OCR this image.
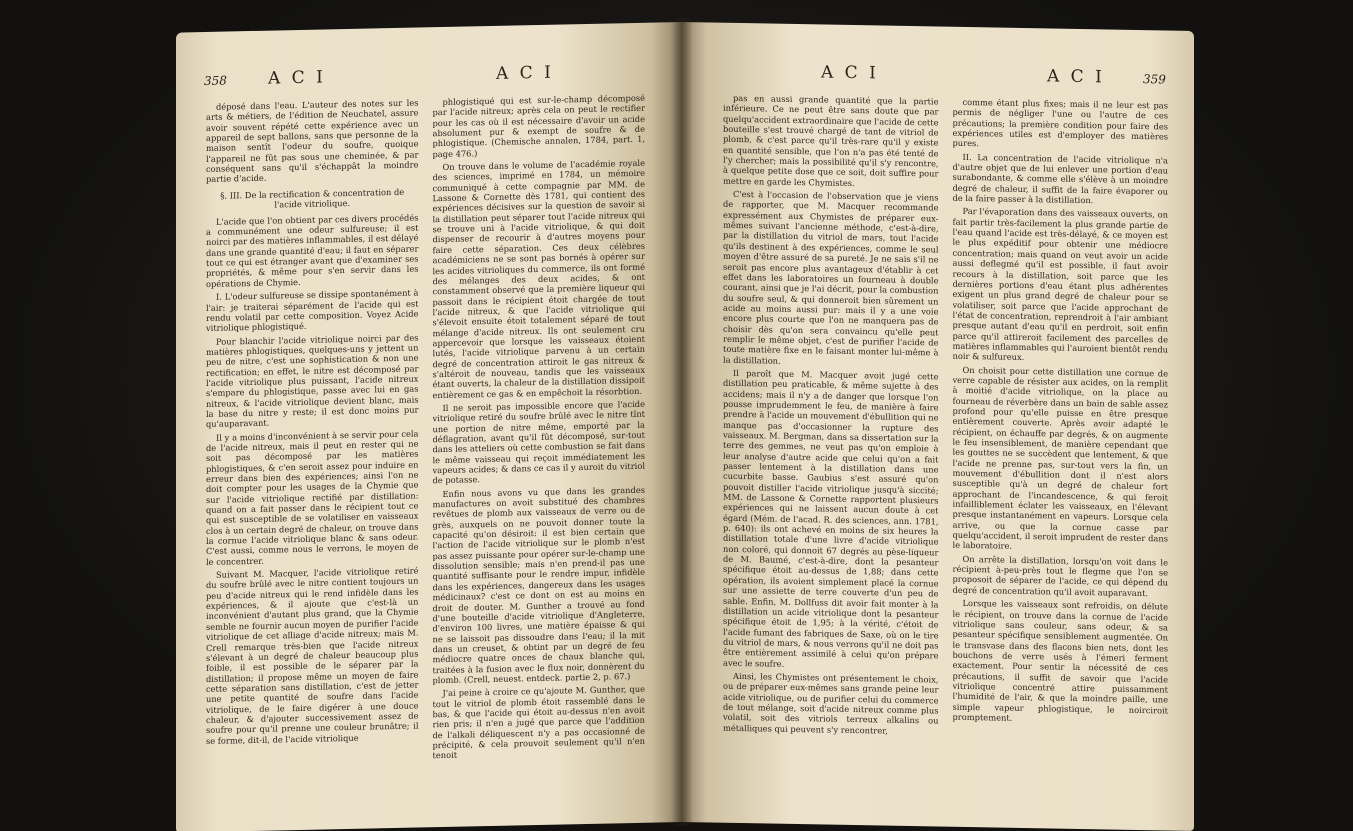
358 A C I	A C I

déposé dans l'eau. L'auteur des notes sur les arts & métiers, de l'édition de Neuchatel, assure avoir souvent répété cette expérience avec un appareil de sept ballons, sans que personne de la maison sentît l'odeur du soufre, quoique l'appareil ne fût pas sous une cheminée, & par conséquent sans qu'il s'échappât la moindre partie d'acide.

§. III. De la rectification & concentration de l'acide vitriolique.

L'acide que l'on obtient par ces divers procédés a communément une odeur sulfureuse; il est noirci par des matières inflammables, il est délayé dans une grande quantité d'eau; il faut en séparer tout ce qui est étranger avant que d'examiner ses propriétés, & même pour s'en servir dans les opérations de Chymie.

I. L'odeur sulfureuse se dissipe spontanément à l'air: je traiterai séparément de l'acide qui est rendu volatil par cette composition. Voyez Acide vitriolique phlogistiqué.

Pour blanchir l'acide vitriolique noirci par des matières phlogistiques, quelques-uns y jettent un peu de nitre, c'est une sophistication & non une rectification; en effet, le nitre est décomposé par l'acide vitriolique plus puissant, l'acide nitreux s'empare du phlogistique, passe avec lui en gas nitreux, & l'acide vitriolique devient blanc, mais la base du nitre y reste; il est donc moins pur qu'auparavant.

Il y a moins d'inconvénient à se servir pour cela de l'acide nitreux, mais il peut en rester qui ne soit pas décomposé par les matières phlogistiques, & c'en seroit assez pour induire en erreur dans bien des expériences; ainsi l'on ne doit compter pour les usages de la Chymie que sur l'acide vitriolique rectifié par distillation: quand on a fait passer dans le récipient tout ce qui est susceptible de se volatiliser en vaisseaux clos à un certain degré de chaleur, on trouve dans la cornue l'acide vitriolique blanc & sans odeur. C'est aussi, comme nous le verrons, le moyen de le concentrer.

Suivant M. Macquer, l'acide vitriolique retiré du soufre brûlé avec le nitre contient toujours un peu d'acide nitreux qui le rend infidèle dans les expériences, & il ajoute que c'est-là un inconvénient d'autant plus grand, que la Chymie semble ne fournir aucun moyen de purifier l'acide vitriolique de cet alliage d'acide nitreux; mais M. Crell remarque très-bien que l'acide nitreux s'élevant à un degré de chaleur beaucoup plus foible, il est possible de le séparer par la distillation; il propose même un moyen de faire cette séparation sans distillation, c'est de jetter une petite quantité de soufre dans l'acide vitriolique, de le faire digérer à une douce chaleur, & d'ajouter successivement assez de soufre pour qu'il prenne une couleur brunâtre; il se forme, dit-il, de l'acide vitriolique

phlogistiqué qui est sur-le-champ décomposé par l'acide nitreux; après cela on peut le rectifier pour les cas où il est nécessaire d'avoir un acide absolument pur & exempt de soufre & de phlogistique. (Chemische annalen, 1784, part. 1, page 476.)

On trouve dans le volume de l'académie royale des sciences, imprimé en 1784, un mémoire communiqué à cette compagnie par MM. de Lassone & Cornette dès 1781, qui contient des expériences décisives sur la question de savoir si la distillation peut séparer tout l'acide nitreux qui se trouve uni à l'acide vitriolique, & qui doit dispenser de recourir à d'autres moyens pour faire cette séparation. Ces deux célèbres académiciens ne se sont pas bornés à opérer sur les acides vitrioliques du commerce, ils ont formé des mélanges des deux acides, & ont constamment observé que la première liqueur qui passoit dans le récipient étoit chargée de tout l'acide nitreux, & que l'acide vitriolique qui s'élevoit ensuite étoit totalement séparé de tout mélange d'acide nitreux. Ils ont seulement cru appercevoir que lorsque les vaisseaux étoient lutés, l'acide vitriolique parvenu à un certain degré de concentration attiroit le gas nitreux & s'altéroit de nouveau, tandis que les vaisseaux étant ouverts, la chaleur de la distillation dissipoit entièrement ce gas & en empêchoit la résorbtion.

Il ne seroit pas impossible encore que l'acide vitriolique retiré du soufre brûlé avec le nitre tînt une portion de nitre même, emporté par la déflagration, avant qu'il fût décomposé, sur-tout dans les atteliers où cette combustion se fait dans le même vaisseau qui reçoit immédiatement les vapeurs acides; & dans ce cas il y auroit du vitriol de potasse.

Enfin nous avons vu que dans les grandes manufactures on avoit substitué des chambres revêtues de plomb aux vaisseaux de verre ou de grès, auxquels on ne pouvoit donner toute la capacité qu'on désiroit: il est bien certain que l'action de l'acide vitriolique sur le plomb n'est pas assez puissante pour opérer sur-le-champ une dissolution sensible; mais n'en prend-il pas une quantité suffisante pour le rendre impur, infidèle dans les expériences, dangereux dans les usages médicinaux? c'est ce dont on est au moins en droit de douter. M. Gunther a trouvé au fond d'une bouteille d'acide vitriolique d'Angleterre, d'environ 100 livres, une matière épaisse & qui ne se laissoit pas dissoudre dans l'eau; il la mit dans un creuset, & obtint par un degré de feu médiocre quatre onces de chaux blanche qui, traitées à la fusion avec le flux noir, donnèrent du plomb. (Crell, neuest. entdeck. partie 2, p. 67.)

J'ai peine à croire ce qu'ajoute M. Gunther, que tout le vitriol de plomb étoit rassemblé dans le bas, & que l'acide qui étoit au-dessus n'en avoit rien pris; il n'en a jugé que parce que l'addition de l'alkali déliquescent n'y a pas occasionné de précipité, & cela prouvoit seulement qu'il n'en tenoit

A C I	A C I	359

pas en aussi grande quantité que la partie inférieure. Ce ne peut être sans doute que par quelqu'accident extraordinaire que l'acide de cette bouteille s'est trouvé chargé de tant de vitriol de plomb, & c'est parce qu'il très-rare qu'il y existe en quantité sensible, que l'on n'a pas été tenté de l'y chercher; mais la possibilité qu'il s'y rencontre, à quelque petite dose que ce soit, doit suffire pour mettre en garde les Chymistes.

C'est à l'occasion de l'observation que je viens de rapporter, que M. Macquer recommande expressément aux Chymistes de préparer eux-mêmes suivant l'ancienne méthode, c'est-à-dire, par la distillation du vitriol de mars, tout l'acide qu'ils destinent à des expériences, comme le seul moyen d'être assuré de sa pureté. Je ne sais s'il ne seroit pas encore plus avantageux d'établir à cet effet dans les laboratoires un fourneau à double courant, ainsi que je l'ai décrit, pour la combustion du soufre seul, & qui donneroit bien sûrement un acide au moins aussi pur: mais il y a une voie encore plus courte que l'on ne manquera pas de choisir dès qu'on sera convaincu qu'elle peut remplir le même objet, c'est de purifier l'acide de toute matière fixe en le faisant monter lui-même à la distillation.

Il paroît que M. Macquer avoit jugé cette distillation peu praticable, & même sujette à des accidens; mais il n'y a de danger que lorsque l'on pousse imprudemment le feu, de manière à faire prendre à l'acide un mouvement d'ébullition qui ne manque pas d'occasionner la rupture des vaisseaux. M. Bergman, dans sa dissertation sur la terre des gemmes, ne veut pas qu'on emploie à leur analyse d'autre acide que celui qu'on a fait passer lentement à la distillation dans une cucurbite basse. Gaubius s'est assuré qu'on pouvoit distiller l'acide vitriolique jusqu'à siccité; MM. de Lassone & Cornette rapportent plusieurs expériences qui ne laissent aucun doute à cet égard (Mém. de l'acad. R. des sciences, ann. 1781, p. 640): ils ont achevé en moins de six heures la distillation totale d'une livre d'acide vitriolique non coloré, qui donnoit 67 degrés au pèse-liqueur de M. Baumé, c'est-à-dire, dont la pesanteur spécifique étoit au-dessus de 1,88; dans cette opération, ils avoient simplement placé la cornue sur une assiette de terre couverte d'un peu de sable. Enfin, M. Dollfuss dit avoir fait monter à la distillation un acide vitriolique dont la pesanteur spécifique étoit de 1,95; à la vérité, c'étoit de l'acide fumant des fabriques de Saxe, où on le tire du vitriol de mars, & nous verrons qu'il ne doit pas être entièrement assimilé à celui qu'on prépare avec le soufre.

Ainsi, les Chymistes ont présentement le choix, ou de préparer eux-mêmes sans grande peine leur acide vitriolique, ou de purifier celui du commerce de tout mélange, soit d'acide nitreux comme plus volatil, soit des vitriols terreux alkalins ou métalliques qui peuvent s'y rencontrer,

comme étant plus fixes; mais il ne leur est pas permis de négliger l'une ou l'autre de ces précautions; la première condition pour faire des expériences utiles est d'employer des matières pures.

II. La concentration de l'acide vitriolique n'a d'autre objet que de lui enlever une portion d'eau surabondante, & comme elle s'élève à un moindre degré de chaleur, il suffit de la faire évaporer ou de la faire passer à la distillation.

Par l'évaporation dans des vaisseaux ouverts, on fait partir très-facilement la plus grande partie de l'eau quand l'acide est très-délayé, & ce moyen est le plus expéditif pour obtenir une médiocre concentration; mais quand on veut avoir un acide aussi deflegmé qu'il est possible, il faut avoir recours à la distillation, soit parce que les dernières portions d'eau étant plus adhérentes exigent un plus grand degré de chaleur pour se volatiliser, soit parce que l'acide approchant de l'état de concentration, reprendroit à l'air ambiant presque autant d'eau qu'il en perdroit, soit enfin parce qu'il attireroit facilement des parcelles de matières inflammables qui l'auroient bientôt rendu noir & sulfureux.

On choisit pour cette distillation une cornue de verre capable de résister aux acides, on la remplit à moitié d'acide vitriolique, on la place au fourneau de réverbère dans un bain de sable assez profond pour qu'elle puisse en être presque entièrement couverte. Après avoir adapté le récipient, on échauffe par degrés, & on augmente le feu insensiblement, de manière cependant que les gouttes ne se succèdent que lentement, & que l'acide ne prenne pas, sur-tout vers la fin, un mouvement d'ébullition dont il n'est alors susceptible qu'à un degré de chaleur fort approchant de l'incandescence, & qui feroit infailliblement éclater les vaisseaux, en l'élevant presque instantanément en vapeurs. Lorsque cela arrive, ou que la cornue casse par quelqu'accident, il seroit imprudent de rester dans le laboratoire.

On arrête la distillation, lorsqu'on voit dans le récipient à-peu-près tout le flegme que l'on se proposoit de séparer de l'acide, ce qui dépend du degré de concentration qu'il avoit auparavant.

Lorsque les vaisseaux sont refroidis, on délute le récipient, on trouve dans la cornue de l'acide vitriolique sans couleur, sans odeur, & sa pesanteur spécifique sensiblement augmentée. On le transvase dans des flacons bien nets, dont les bouchons de verre usés à l'émeri ferment exactement. Pour sentir la nécessité de ces précautions, il suffit de savoir que l'acide vitriolique concentré attire puissamment l'humidité de l'air, & que la moindre paille, une simple vapeur phlogistique, le noirciroit promptement.
